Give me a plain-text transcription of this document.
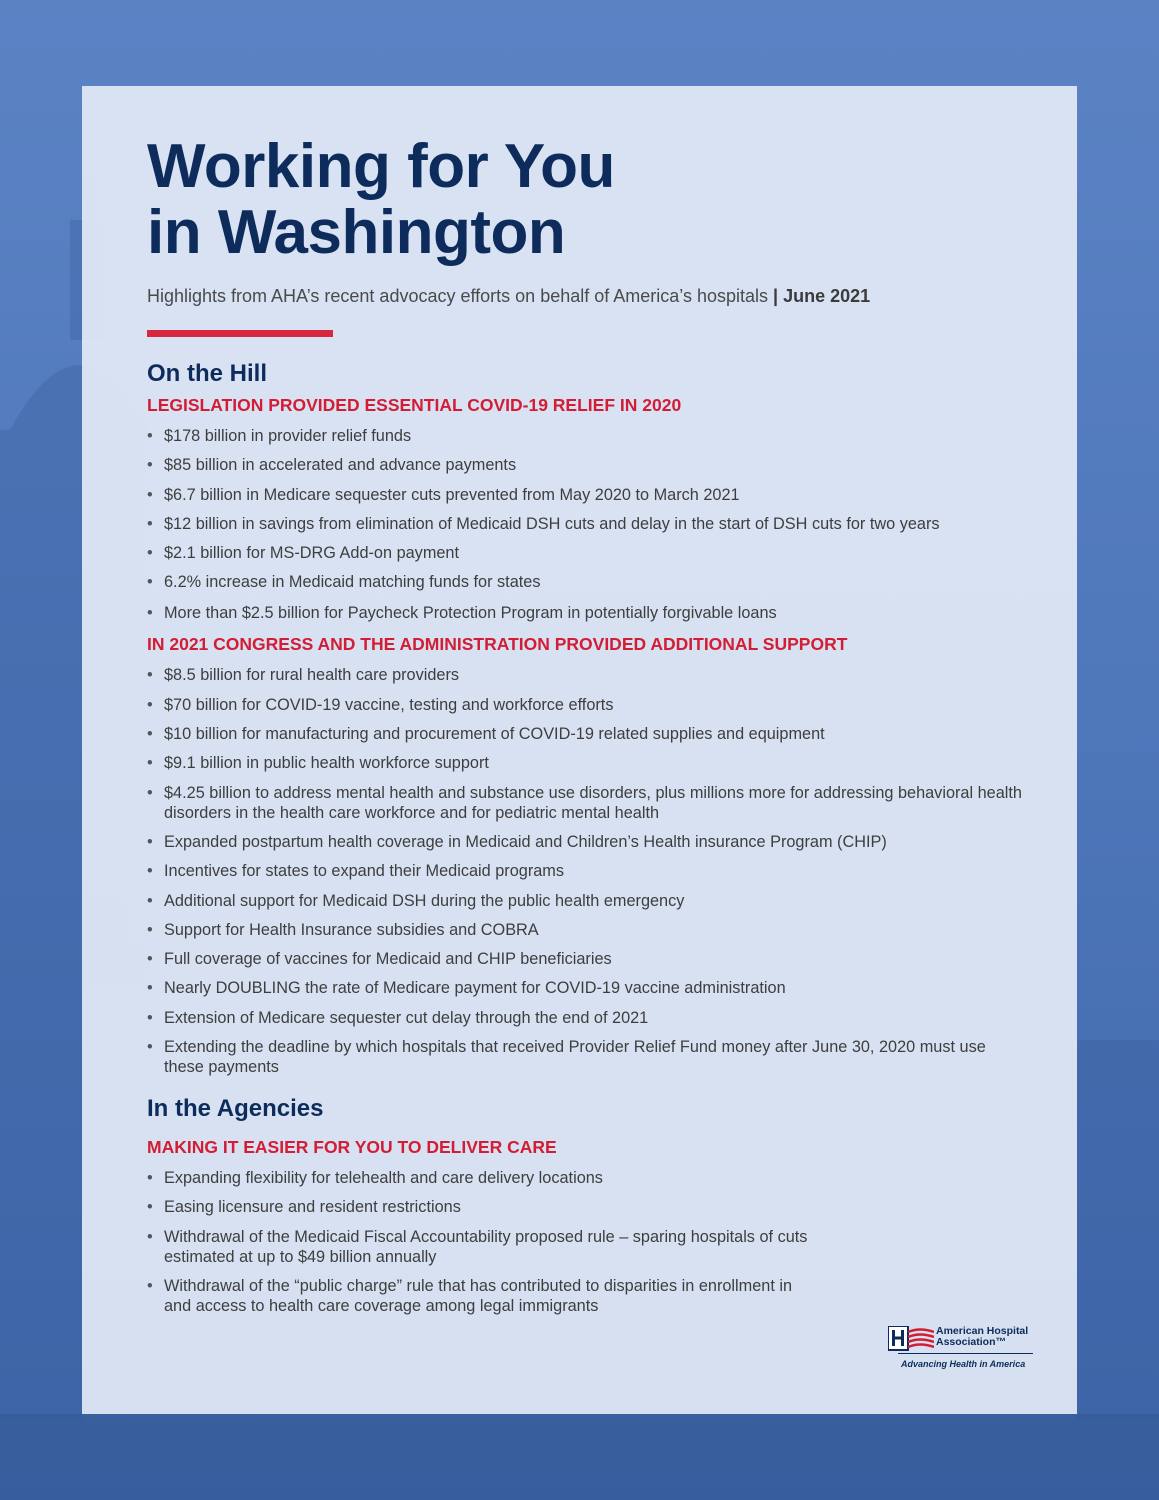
Working for You
in Washington
Highlights from AHA’s recent advocacy efforts on behalf of America’s hospitals | June 2021
On the Hill
LEGISLATION PROVIDED ESSENTIAL COVID-19 RELIEF IN 2020
• $178 billion in provider relief funds
• $85 billion in accelerated and advance payments
• $6.7 billion in Medicare sequester cuts prevented from May 2020 to March 2021
• $12 billion in savings from elimination of Medicaid DSH cuts and delay in the start of DSH cuts for two years
• $2.1 billion for MS-DRG Add-on payment
• 6.2% increase in Medicaid matching funds for states
• More than $2.5 billion for Paycheck Protection Program in potentially forgivable loans
IN 2021 CONGRESS AND THE ADMINISTRATION PROVIDED ADDITIONAL SUPPORT
• $8.5 billion for rural health care providers
• $70 billion for COVID-19 vaccine, testing and workforce efforts
• $10 billion for manufacturing and procurement of COVID-19 related supplies and equipment
• $9.1 billion in public health workforce support
• $4.25 billion to address mental health and substance use disorders, plus millions more for addressing behavioral health disorders in the health care workforce and for pediatric mental health
• Expanded postpartum health coverage in Medicaid and Children’s Health insurance Program (CHIP)
• Incentives for states to expand their Medicaid programs
• Additional support for Medicaid DSH during the public health emergency
• Support for Health Insurance subsidies and COBRA
• Full coverage of vaccines for Medicaid and CHIP beneficiaries
• Nearly DOUBLING the rate of Medicare payment for COVID-19 vaccine administration
• Extension of Medicare sequester cut delay through the end of 2021
• Extending the deadline by which hospitals that received Provider Relief Fund money after June 30, 2020 must use these payments
In the Agencies
MAKING IT EASIER FOR YOU TO DELIVER CARE
• Expanding flexibility for telehealth and care delivery locations
• Easing licensure and resident restrictions
• Withdrawal of the Medicaid Fiscal Accountability proposed rule – sparing hospitals of cuts estimated at up to $49 billion annually
• Withdrawal of the “public charge” rule that has contributed to disparities in enrollment in and access to health care coverage among legal immigrants
American Hospital
Association™
Advancing Health in America
